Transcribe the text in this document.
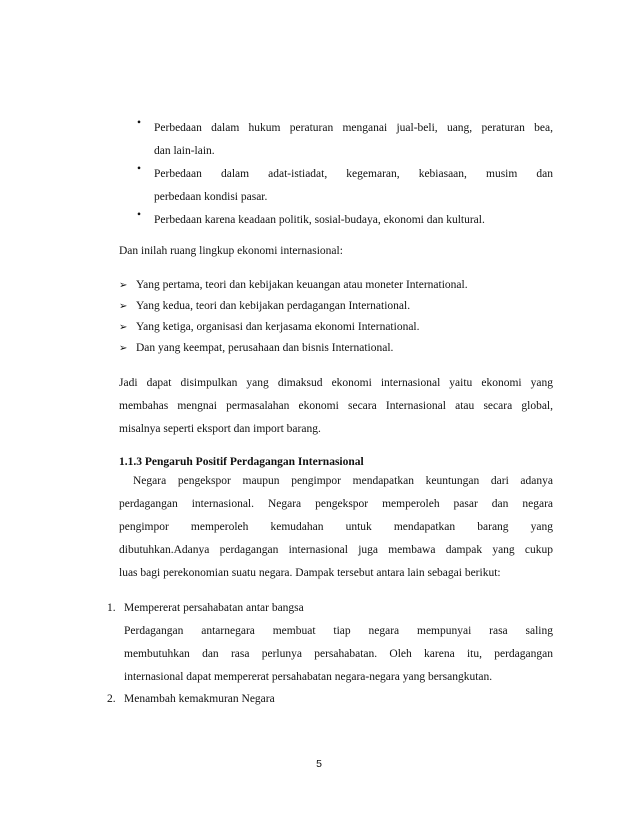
• Perbedaan dalam hukum peraturan menganai jual-beli, uang, peraturan bea,
dan lain-lain.
• Perbedaan dalam adat-istiadat, kegemaran, kebiasaan, musim dan
perbedaan kondisi pasar.
• Perbedaan karena keadaan politik, sosial-budaya, ekonomi dan kultural.
Dan inilah ruang lingkup ekonomi internasional:
➢ Yang pertama, teori dan kebijakan keuangan atau moneter International.
➢ Yang kedua, teori dan kebijakan perdagangan International.
➢ Yang ketiga, organisasi dan kerjasama ekonomi International.
➢ Dan yang keempat, perusahaan dan bisnis International.
Jadi dapat disimpulkan yang dimaksud ekonomi internasional yaitu ekonomi yang
membahas mengnai permasalahan ekonomi secara Internasional atau secara global,
misalnya seperti eksport dan import barang.
1.1.3 Pengaruh Positif Perdagangan Internasional
Negara pengekspor maupun pengimpor mendapatkan keuntungan dari adanya
perdagangan internasional. Negara pengekspor memperoleh pasar dan negara
pengimpor memperoleh kemudahan untuk mendapatkan barang yang
dibutuhkan.Adanya perdagangan internasional juga membawa dampak yang cukup
luas bagi perekonomian suatu negara. Dampak tersebut antara lain sebagai berikut:
1. Mempererat persahabatan antar bangsa
Perdagangan antarnegara membuat tiap negara mempunyai rasa saling
membutuhkan dan rasa perlunya persahabatan. Oleh karena itu, perdagangan
internasional dapat mempererat persahabatan negara-negara yang bersangkutan.
2. Menambah kemakmuran Negara
5
